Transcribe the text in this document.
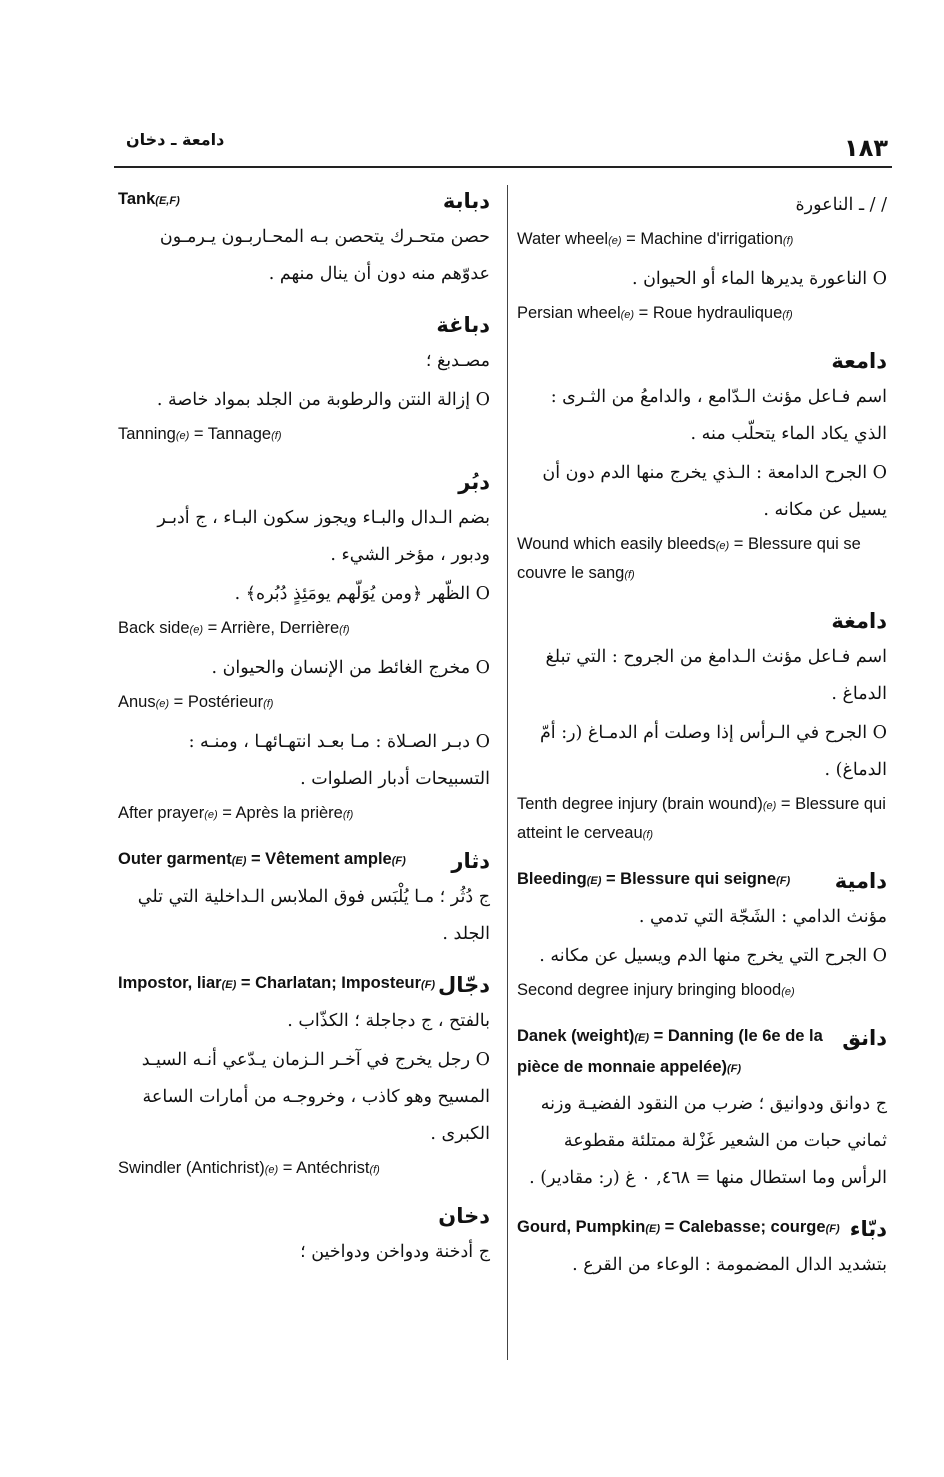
دامعة ـ دخان	١٨٣
/ / ـ الناعورة
Water wheel(e) = Machine d'irrigation(f)
O الناعورة يديرها الماء أو الحيوان .
Persian wheel(e) = Roue hydraulique(f)
دامعة
اسم فـاعل مؤنث الـدّامع ، والدامعُ من الثـرى : الذي يكاد الماء يتحلّب منه .
O الجرح الدامعة : الـذي يخرج منها الدم دون أن يسيل عن مكانه .
Wound which easily bleeds(e) = Blessure qui se couvre le sang(f)
دامغة
اسم فـاعل مؤنث الـدامغ من الجروح : التي تبلغ الدماغ .
O الجرح في الـرأس إذا وصلت أم الدمـاغ (ر: أمّ الدماغ) .
Tenth degree injury (brain wound)(e) = Blessure qui atteint le cerveau(f)
Bleeding(E) = Blessure qui seigne(F) دامية
مؤنث الدامي : الشَجّة التي تدمي .
O الجرح التي يخرج منها الدم ويسيل عن مكانه .
Second degree injury bringing blood(e)
Danek (weight)(E) = Danning (le 6e de la pièce de monnaie appelée)(F)
دانق
ج دوانق ودوانيق ؛ ضرب من النقود الفضيـة وزنه ثماني حبات من الشعير غَزْلة ممتلئة مقطوعة الرأس وما استطال منها = ٤٦٨, ٠ غ (ر: مقادير) .
Gourd, Pumpkin(E) = Calebasse; courge(F) دبّاء
بتشديد الدال المضمومة : الوعاء من القرع .
Tank(E,F)	دبابة
حصن متحـرك يتحصن بـه المحـاربـون يـرمـون عدوّهم منه دون أن ينال منهم .
دباغة
مصـدبغ ؛
O إزالة النتن والرطوبة من الجلد بمواد خاصة .
Tanning(e) = Tannage(f)
دبُر
بضم الـدال والبـاء ويجوز سكون البـاء ، ج أدبـر ودبور ، مؤخر الشيء .
O الظّهر ﴿ومن يُوَلّهم يومَئِذٍ دُبُره﴾ .
Back side(e) = Arrière, Derrière(f)
O مخرج الغائط من الإنسان والحيوان .
Anus(e) = Postérieur(f)
O دبـر الصـلاة : مـا بعـد انتهـائهـا ، ومنـه : التسبيحات أدبار الصلوات .
After prayer(e) = Après la prière(f)
Outer garment(E) = Vêtement ample(F) دثار
ج دُثُر ؛ مـا يُلْبَس فوق الملابس الـداخلية التي تلي الجلد .
Impostor, liar(E) = Charlatan; Imposteur(F) دجّال
بالفتح ، ج دجاجلة ؛ الكذّاب .
O رجل يخرج في آخـر الـزمان يـدّعي أنـه السيـد المسيح وهو كاذب ، وخروجـه من أمارات الساعة الكبرى .
Swindler (Antichrist)(e) = Antéchrist(f)
دخان
ج أدخنة ودواخن ودواخين ؛
